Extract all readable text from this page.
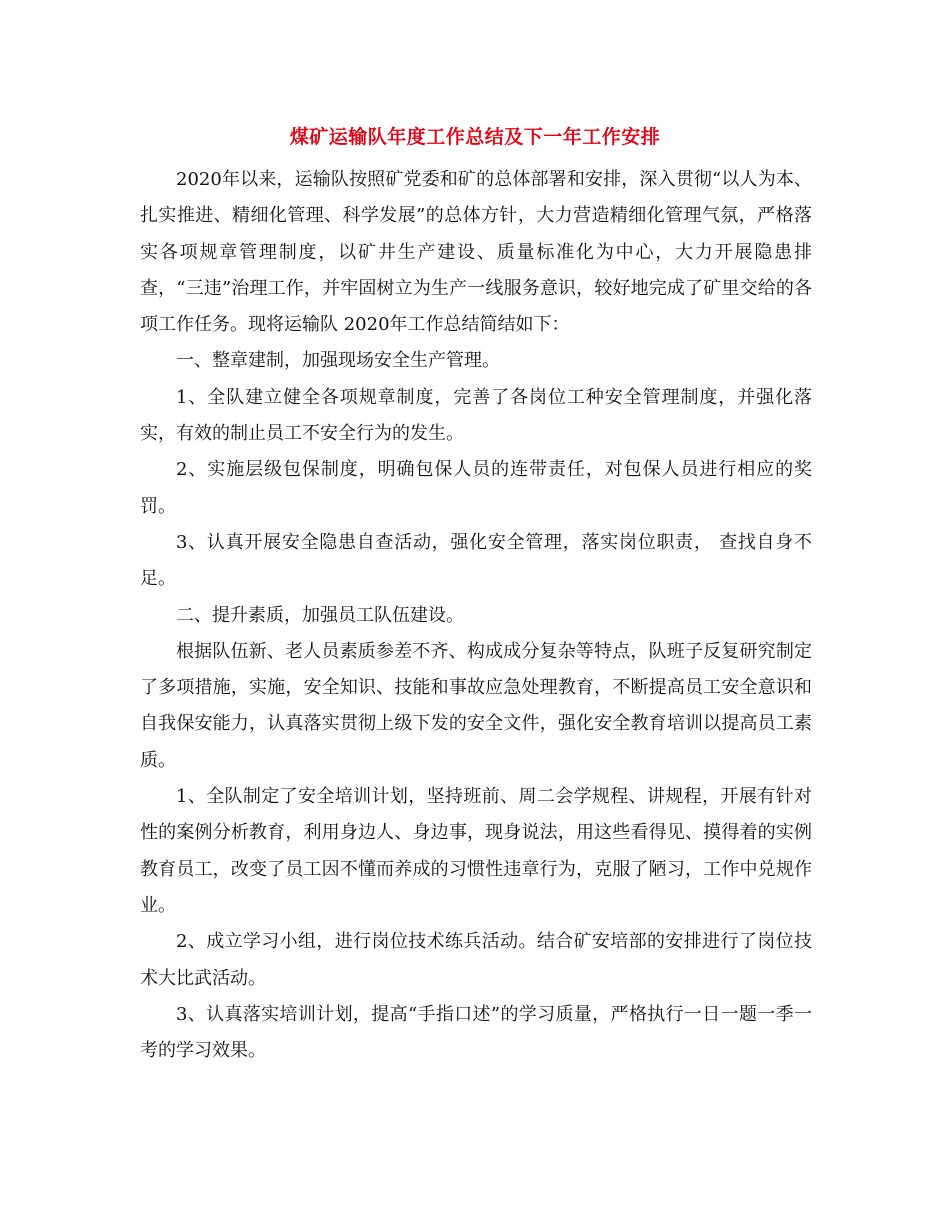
煤矿运输队年度工作总结及下一年工作安排

2020年以来，运输队按照矿党委和矿的总体部署和安排，深入贯彻“以人为本、扎实推进、精细化管理、科学发展”的总体方针，大力营造精细化管理气氛，严格落实各项规章管理制度，以矿井生产建设、质量标准化为中心，大力开展隐患排查，“三违”治理工作，并牢固树立为生产一线服务意识，较好地完成了矿里交给的各项工作任务。现将运输队 2020年工作总结简结如下：

一、整章建制，加强现场安全生产管理。

1、全队建立健全各项规章制度，完善了各岗位工种安全管理制度，并强化落实，有效的制止员工不安全行为的发生。

2、实施层级包保制度，明确包保人员的连带责任，对包保人员进行相应的奖罚。

3、认真开展安全隐患自查活动，强化安全管理，落实岗位职责， 查找自身不足。

二、提升素质，加强员工队伍建设。

根据队伍新、老人员素质参差不齐、构成成分复杂等特点，队班子反复研究制定了多项措施，实施，安全知识、技能和事故应急处理教育，不断提高员工安全意识和自我保安能力，认真落实贯彻上级下发的安全文件，强化安全教育培训以提高员工素质。

1、全队制定了安全培训计划，坚持班前、周二会学规程、讲规程，开展有针对性的案例分析教育，利用身边人、身边事，现身说法，用这些看得见、摸得着的实例教育员工，改变了员工因不懂而养成的习惯性违章行为，克服了陋习，工作中兑规作业。

2、成立学习小组，进行岗位技术练兵活动。结合矿安培部的安排进行了岗位技术大比武活动。

3、认真落实培训计划，提高“手指口述”的学习质量，严格执行一日一题一季一考的学习效果。
